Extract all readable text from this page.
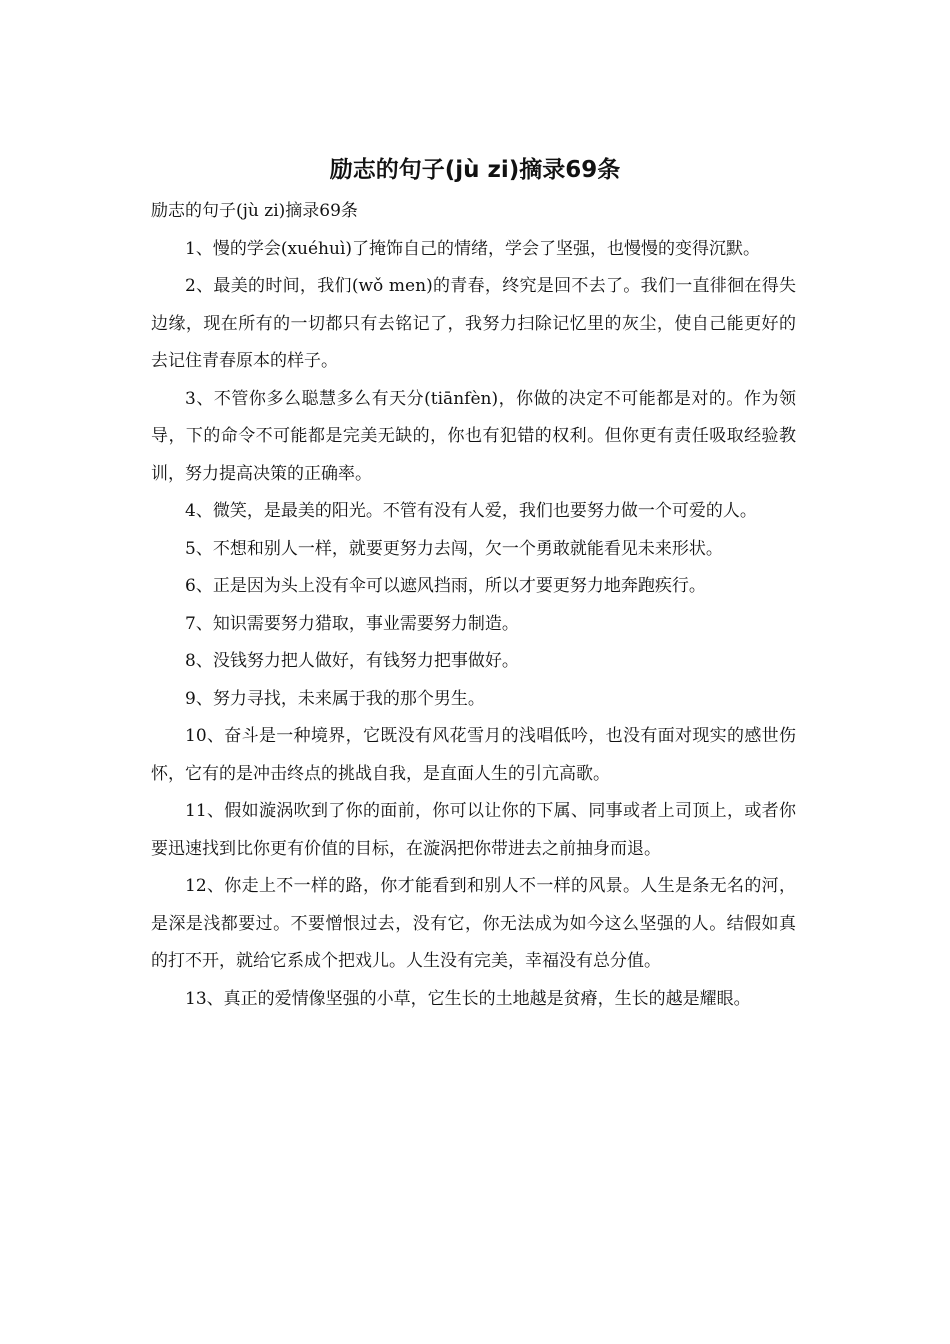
励志的句子(jù zi)摘录69条

励志的句子(jù zi)摘录69条

1、慢的学会(xuéhuì)了掩饰自己的情绪，学会了坚强，也慢慢的变得沉默。

2、最美的时间，我们(wǒ men)的青春，终究是回不去了。我们一直徘徊在得失边缘，现在所有的一切都只有去铭记了，我努力扫除记忆里的灰尘，使自己能更好的去记住青春原本的样子。

3、不管你多么聪慧多么有天分(tiānfèn)，你做的决定不可能都是对的。作为领导，下的命令不可能都是完美无缺的，你也有犯错的权利。但你更有责任吸取经验教训，努力提高决策的正确率。

4、微笑，是最美的阳光。不管有没有人爱，我们也要努力做一个可爱的人。

5、不想和别人一样，就要更努力去闯，欠一个勇敢就能看见未来形状。

6、正是因为头上没有伞可以遮风挡雨，所以才要更努力地奔跑疾行。

7、知识需要努力猎取，事业需要努力制造。

8、没钱努力把人做好，有钱努力把事做好。

9、努力寻找，未来属于我的那个男生。

10、奋斗是一种境界，它既没有风花雪月的浅唱低吟，也没有面对现实的感世伤怀，它有的是冲击终点的挑战自我，是直面人生的引亢高歌。

11、假如漩涡吹到了你的面前，你可以让你的下属、同事或者上司顶上，或者你要迅速找到比你更有价值的目标，在漩涡把你带进去之前抽身而退。

12、你走上不一样的路，你才能看到和别人不一样的风景。人生是条无名的河，是深是浅都要过。不要憎恨过去，没有它，你无法成为如今这么坚强的人。结假如真的打不开，就给它系成个把戏儿。人生没有完美，幸福没有总分值。

13、真正的爱情像坚强的小草，它生长的土地越是贫瘠，生长的越是耀眼。
